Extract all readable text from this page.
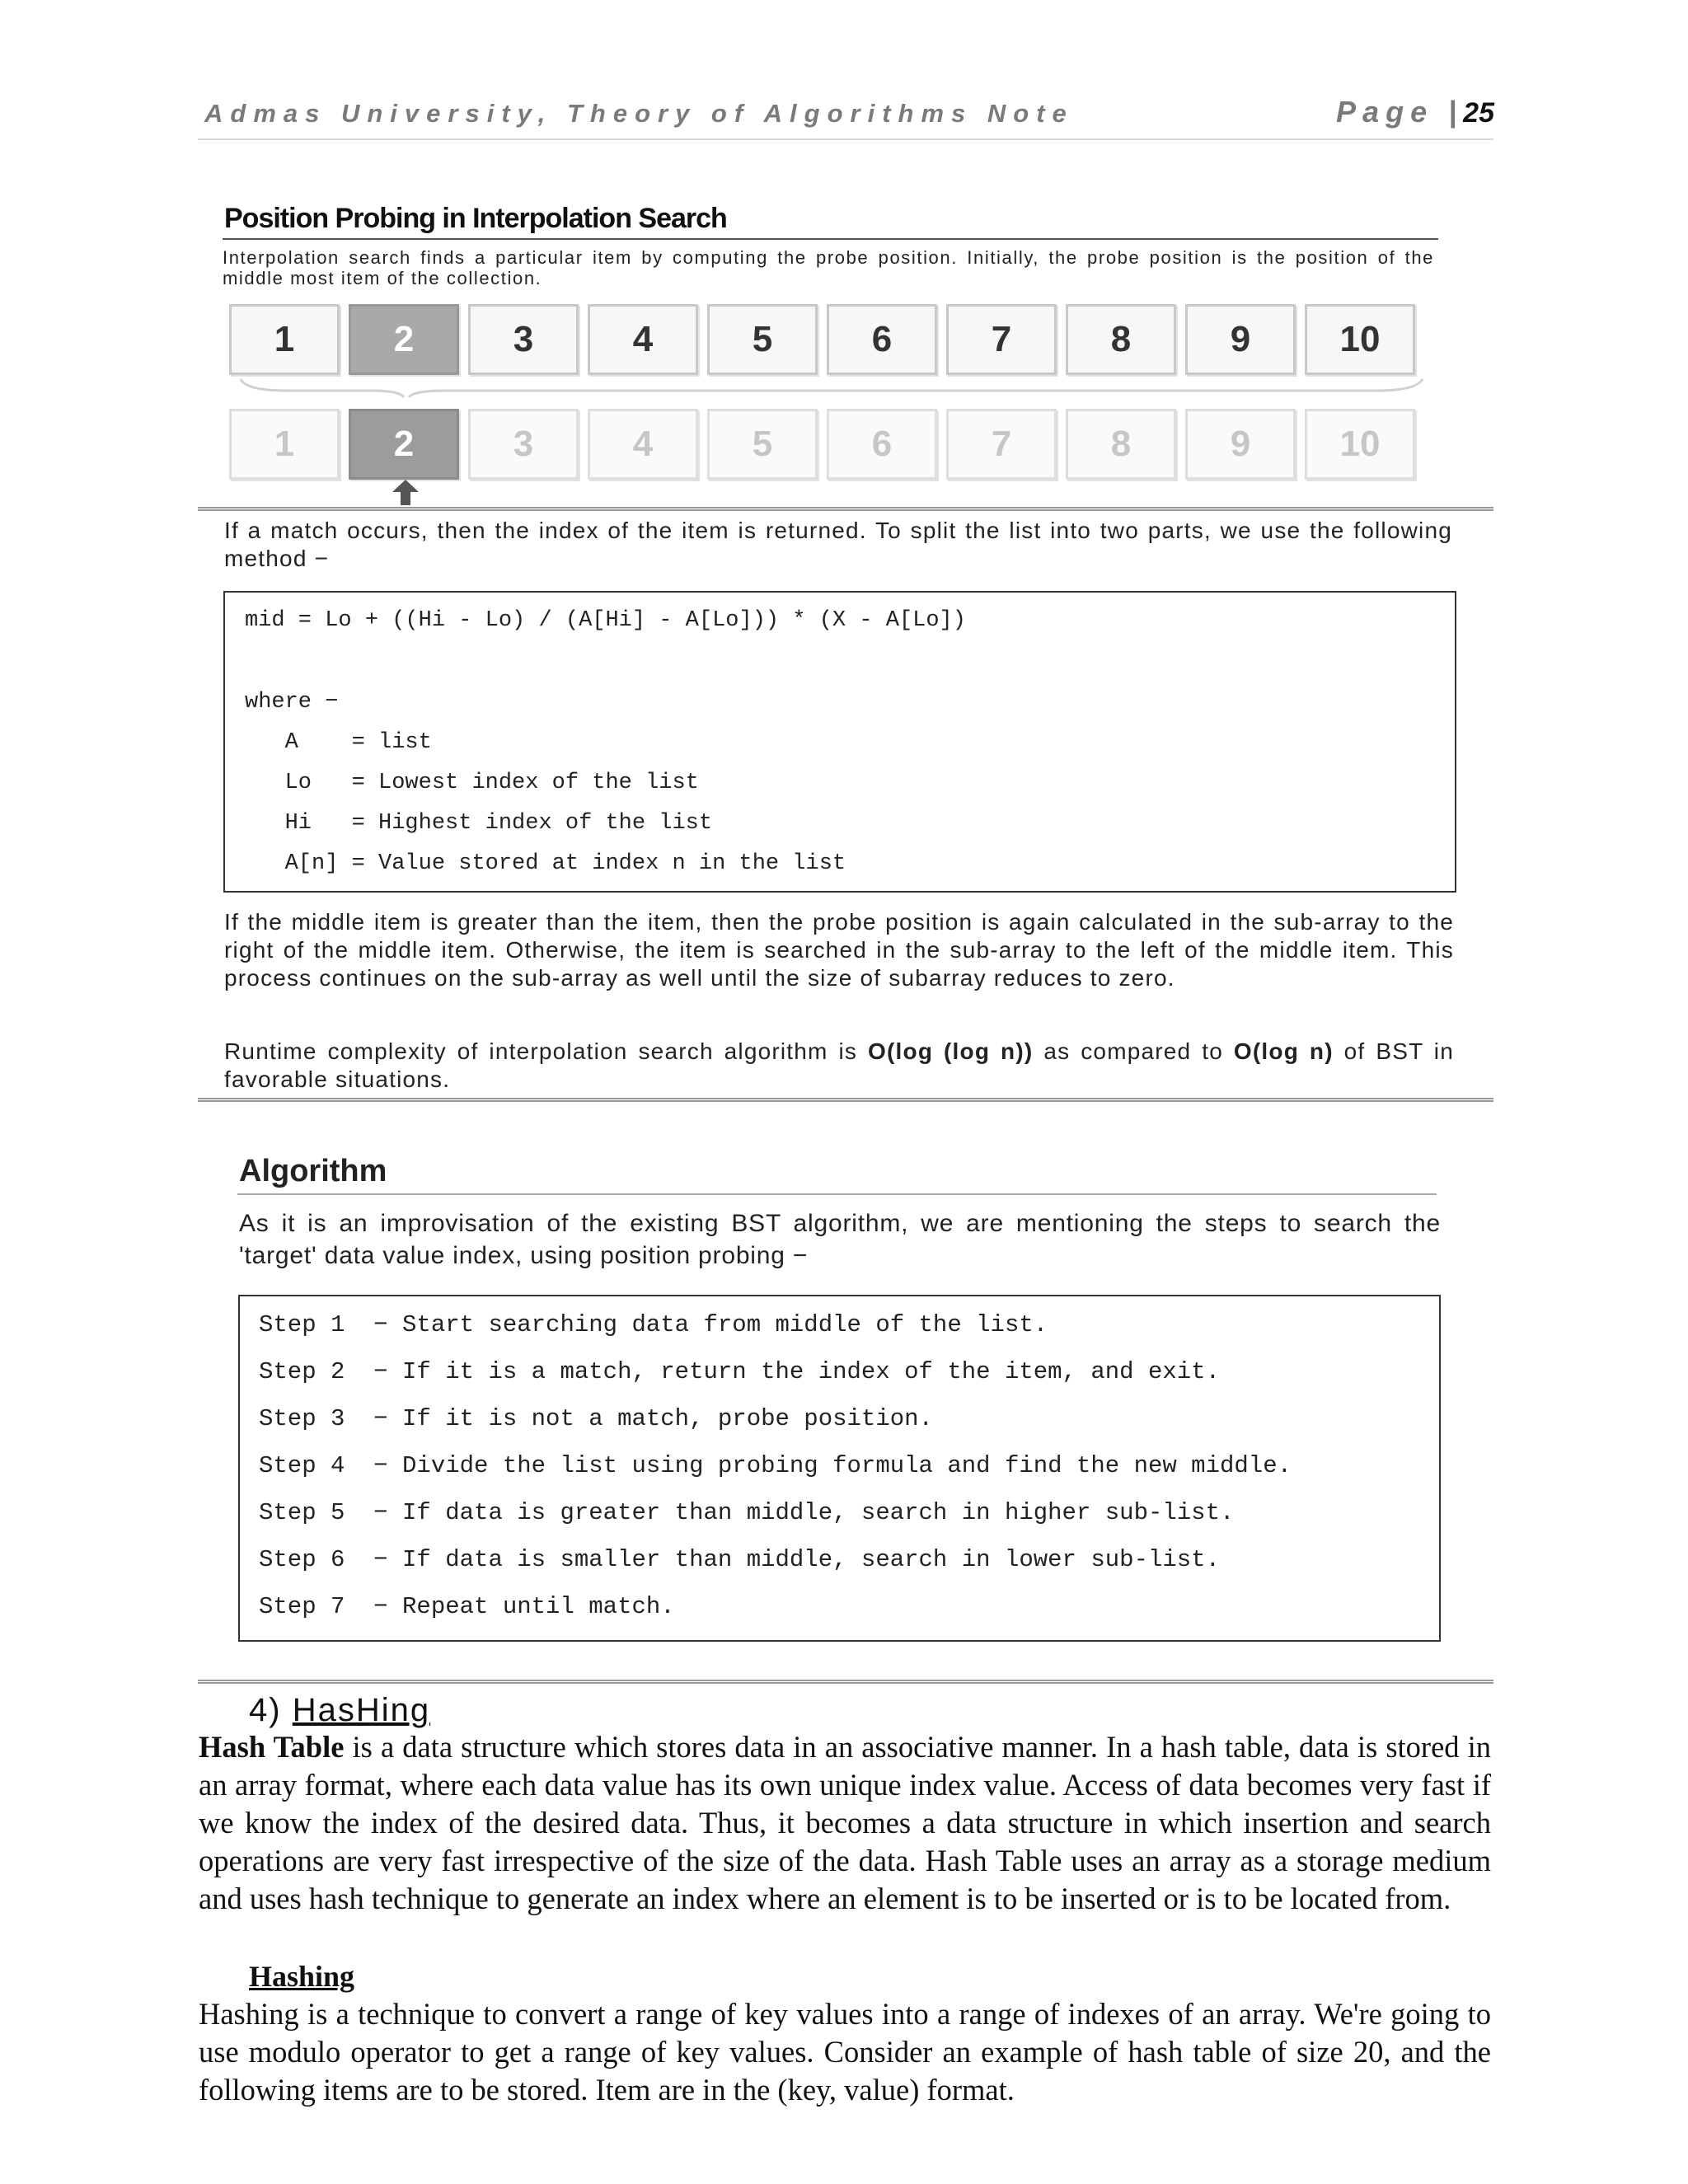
Admas University, Theory of Algorithms Note	Page |25
Position Probing in Interpolation Search
Interpolation search finds a particular item by computing the probe position. Initially, the probe position is the position of the middle most item of the collection.
1	2	3	4	5	6	7	8	9	10
1	2	3	4	5	6	7	8	9	10
If a match occurs, then the index of the item is returned. To split the list into two parts, we use the following method −
mid = Lo + ((Hi - Lo) / (A[Hi] - A[Lo])) * (X - A[Lo])
where −
A    = list
Lo   = Lowest index of the list
Hi   = Highest index of the list
A[n] = Value stored at index n in the list
If the middle item is greater than the item, then the probe position is again calculated in the sub-array to the right of the middle item. Otherwise, the item is searched in the sub-array to the left of the middle item. This process continues on the sub-array as well until the size of subarray reduces to zero.
Runtime complexity of interpolation search algorithm is O(log (log n)) as compared to O(log n) of BST in favorable situations.
Algorithm
As it is an improvisation of the existing BST algorithm, we are mentioning the steps to search the 'target' data value index, using position probing −
Step 1  − Start searching data from middle of the list.
Step 2  − If it is a match, return the index of the item, and exit.
Step 3  − If it is not a match, probe position.
Step 4  − Divide the list using probing formula and find the new middle.
Step 5  − If data is greater than middle, search in higher sub-list.
Step 6  − If data is smaller than middle, search in lower sub-list.
Step 7  − Repeat until match.
4) HasHing
Hash Table is a data structure which stores data in an associative manner. In a hash table, data is stored in an array format, where each data value has its own unique index value. Access of data becomes very fast if we know the index of the desired data. Thus, it becomes a data structure in which insertion and search operations are very fast irrespective of the size of the data. Hash Table uses an array as a storage medium and uses hash technique to generate an index where an element is to be inserted or is to be located from.
Hashing
Hashing is a technique to convert a range of key values into a range of indexes of an array. We're going to use modulo operator to get a range of key values. Consider an example of hash table of size 20, and the following items are to be stored. Item are in the (key, value) format.
